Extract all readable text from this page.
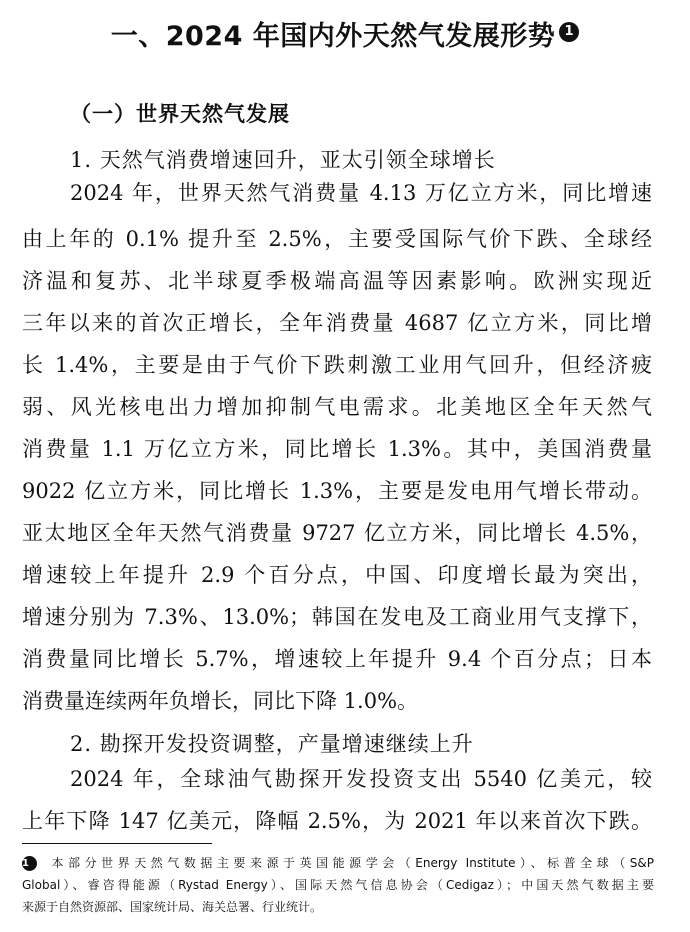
一、2024 年国内外天然气发展形势 1
（一）世界天然气发展
1. 天然气消费增速回升，亚太引领全球增长
2024 年，世界天然气消费量 4.13 万亿立方米，同比增速
由上年的 0.1% 提升至 2.5%，主要受国际气价下跌、全球经
济温和复苏、北半球夏季极端高温等因素影响。欧洲实现近
三年以来的首次正增长，全年消费量 4687 亿立方米，同比增
长 1.4%，主要是由于气价下跌刺激工业用气回升，但经济疲
弱、风光核电出力增加抑制气电需求。北美地区全年天然气
消费量 1.1 万亿立方米，同比增长 1.3%。其中，美国消费量
9022 亿立方米，同比增长 1.3%，主要是发电用气增长带动。
亚太地区全年天然气消费量 9727 亿立方米，同比增长 4.5%，
增速较上年提升 2.9 个百分点，中国、印度增长最为突出，
增速分别为 7.3%、13.0%；韩国在发电及工商业用气支撑下，
消费量同比增长 5.7%，增速较上年提升 9.4 个百分点；日本
消费量连续两年负增长，同比下降 1.0%。
2. 勘探开发投资调整，产量增速继续上升
2024 年，全球油气勘探开发投资支出 5540 亿美元，较
上年下降 147 亿美元，降幅 2.5%，为 2021 年以来首次下跌。
1 本部分世界天然气数据主要来源于英国能源学会（Energy Institute）、标普全球（S&P
Global）、睿咨得能源（Rystad Energy）、国际天然气信息协会（Cedigaz）；中国天然气数据主要
来源于自然资源部、国家统计局、海关总署、行业统计。
